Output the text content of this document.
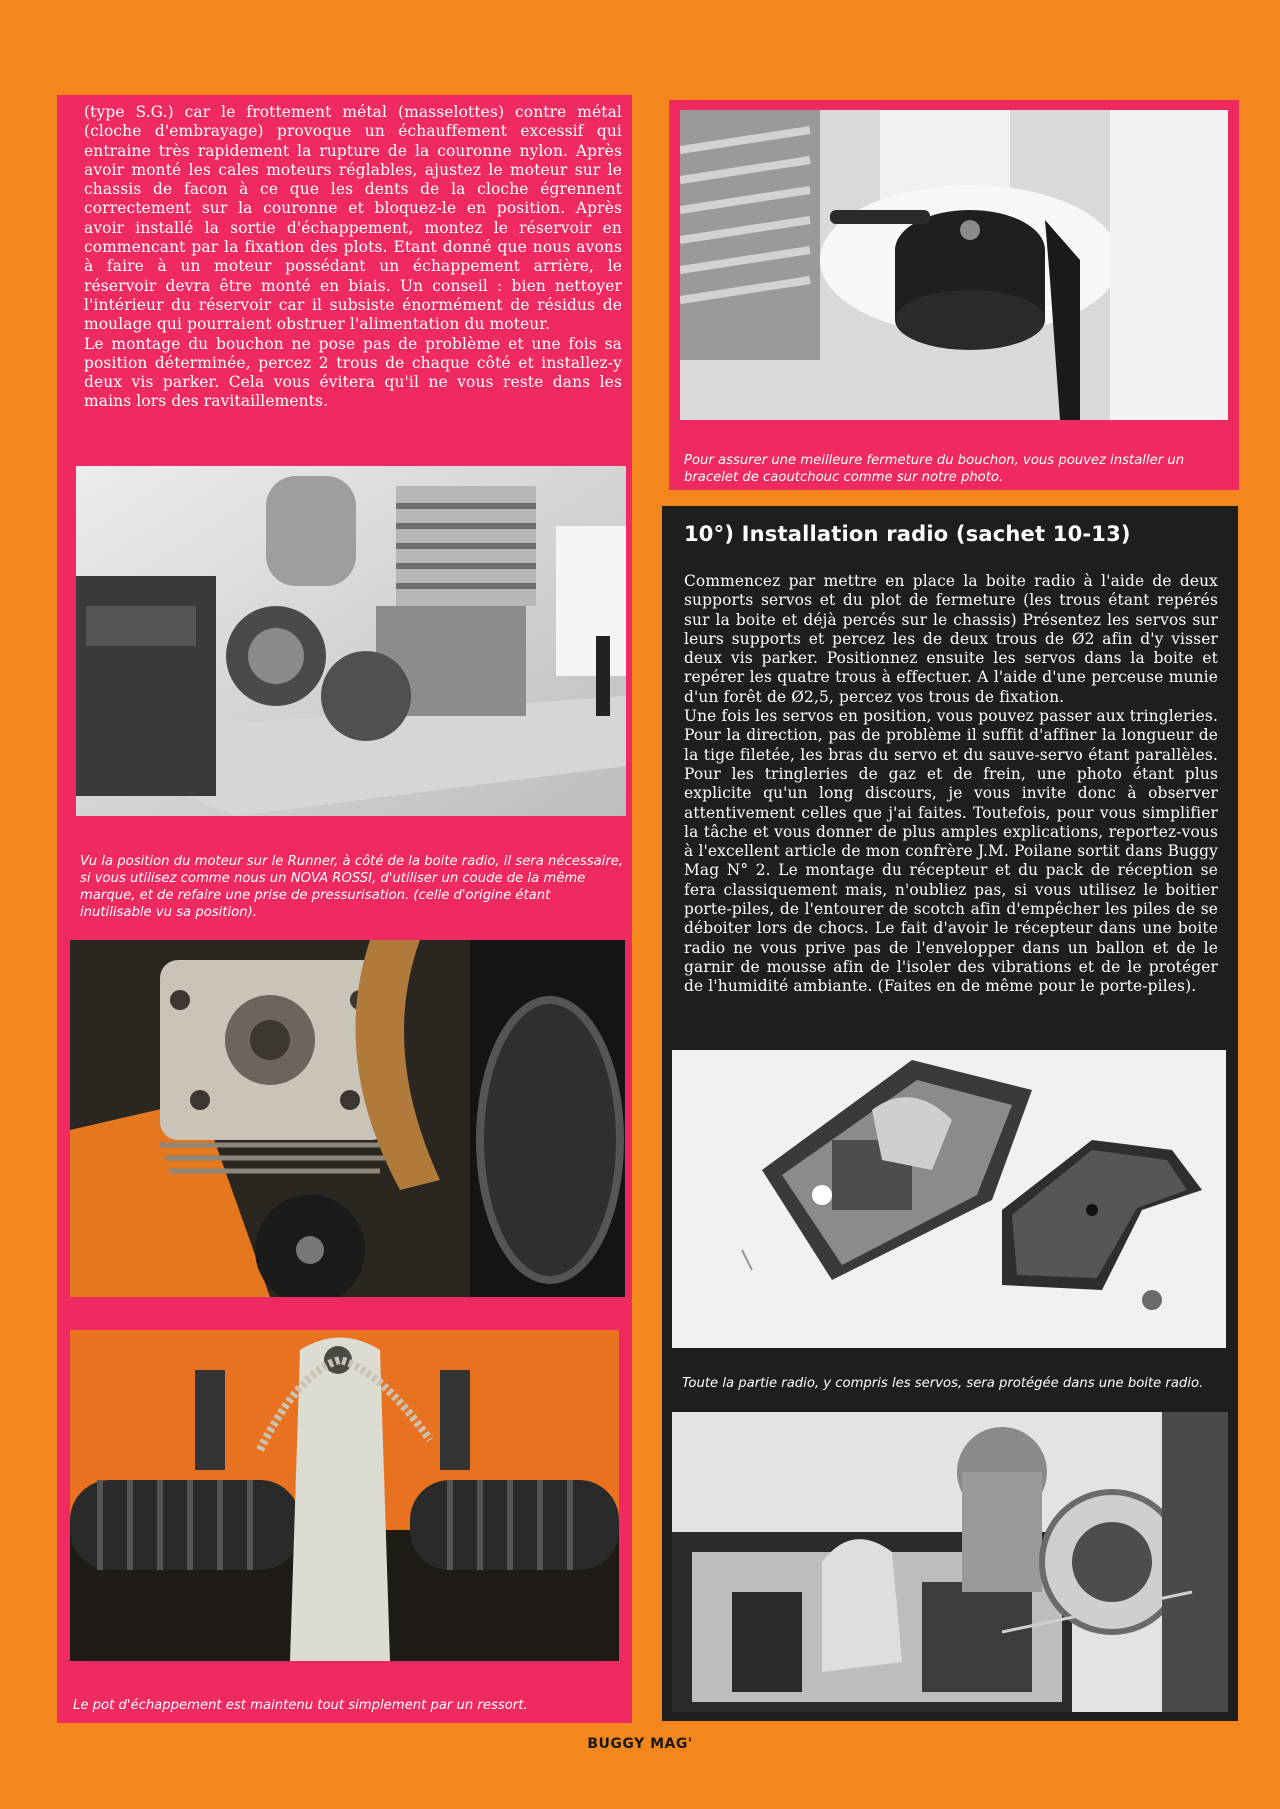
(type S.G.) car le frottement métal (masselottes) contre métal (cloche d'embrayage) provoque un échauffement excessif qui entraine très rapidement la rupture de la couronne nylon. Après avoir monté les cales moteurs réglables, ajustez le moteur sur le chassis de facon à ce que les dents de la cloche égrennent correctement sur la couronne et bloquez-le en position. Après avoir installé la sortie d'échappement, montez le réservoir en commencant par la fixation des plots. Etant donné que nous avons à faire à un moteur possédant un échappement arrière, le réservoir devra être monté en biais. Un conseil : bien nettoyer l'intérieur du réservoir car il subsiste énormément de résidus de moulage qui pourraient obstruer l'alimentation du moteur.

Le montage du bouchon ne pose pas de problème et une fois sa position déterminée, percez 2 trous de chaque côté et installez-y deux vis parker. Cela vous évitera qu'il ne vous reste dans les mains lors des ravitaillements.

Vu la position du moteur sur le Runner, à côté de la boite radio, il sera nécessaire, si vous utilisez comme nous un NOVA ROSSI, d'utiliser un coude de la même marque, et de refaire une prise de pressurisation. (celle d'origine étant inutilisable vu sa position).

Le pot d'échappement est maintenu tout simplement par un ressort.

Pour assurer une meilleure fermeture du bouchon, vous pouvez installer un bracelet de caoutchouc comme sur notre photo.

10°) Installation radio (sachet 10-13)

Commencez par mettre en place la boite radio à l'aide de deux supports servos et du plot de fermeture (les trous étant repérés sur la boite et déjà percés sur le chassis) Présentez les servos sur leurs supports et percez les de deux trous de Ø2 afin d'y visser deux vis parker. Positionnez ensuite les servos dans la boite et repérer les quatre trous à effectuer. A l'aide d'une perceuse munie d'un forêt de Ø2,5, percez vos trous de fixation.

Une fois les servos en position, vous pouvez passer aux tringleries. Pour la direction, pas de problème il suffit d'affiner la longueur de la tige filetée, les bras du servo et du sauve-servo étant parallèles. Pour les tringleries de gaz et de frein, une photo étant plus explicite qu'un long discours, je vous invite donc à observer attentivement celles que j'ai faites. Toutefois, pour vous simplifier la tâche et vous donner de plus amples explications, reportez-vous à l'excellent article de mon confrère J.M. Poilane sortit dans Buggy Mag N° 2. Le montage du récepteur et du pack de réception se fera classiquement mais, n'oubliez pas, si vous utilisez le boitier porte-piles, de l'entourer de scotch afin d'empêcher les piles de se déboiter lors de chocs. Le fait d'avoir le récepteur dans une boite radio ne vous prive pas de l'envelopper dans un ballon et de le garnir de mousse afin de l'isoler des vibrations et de le protéger de l'humidité ambiante. (Faites en de même pour le porte-piles).

Toute la partie radio, y compris les servos, sera protégée dans une boite radio.

BUGGY MAG'
